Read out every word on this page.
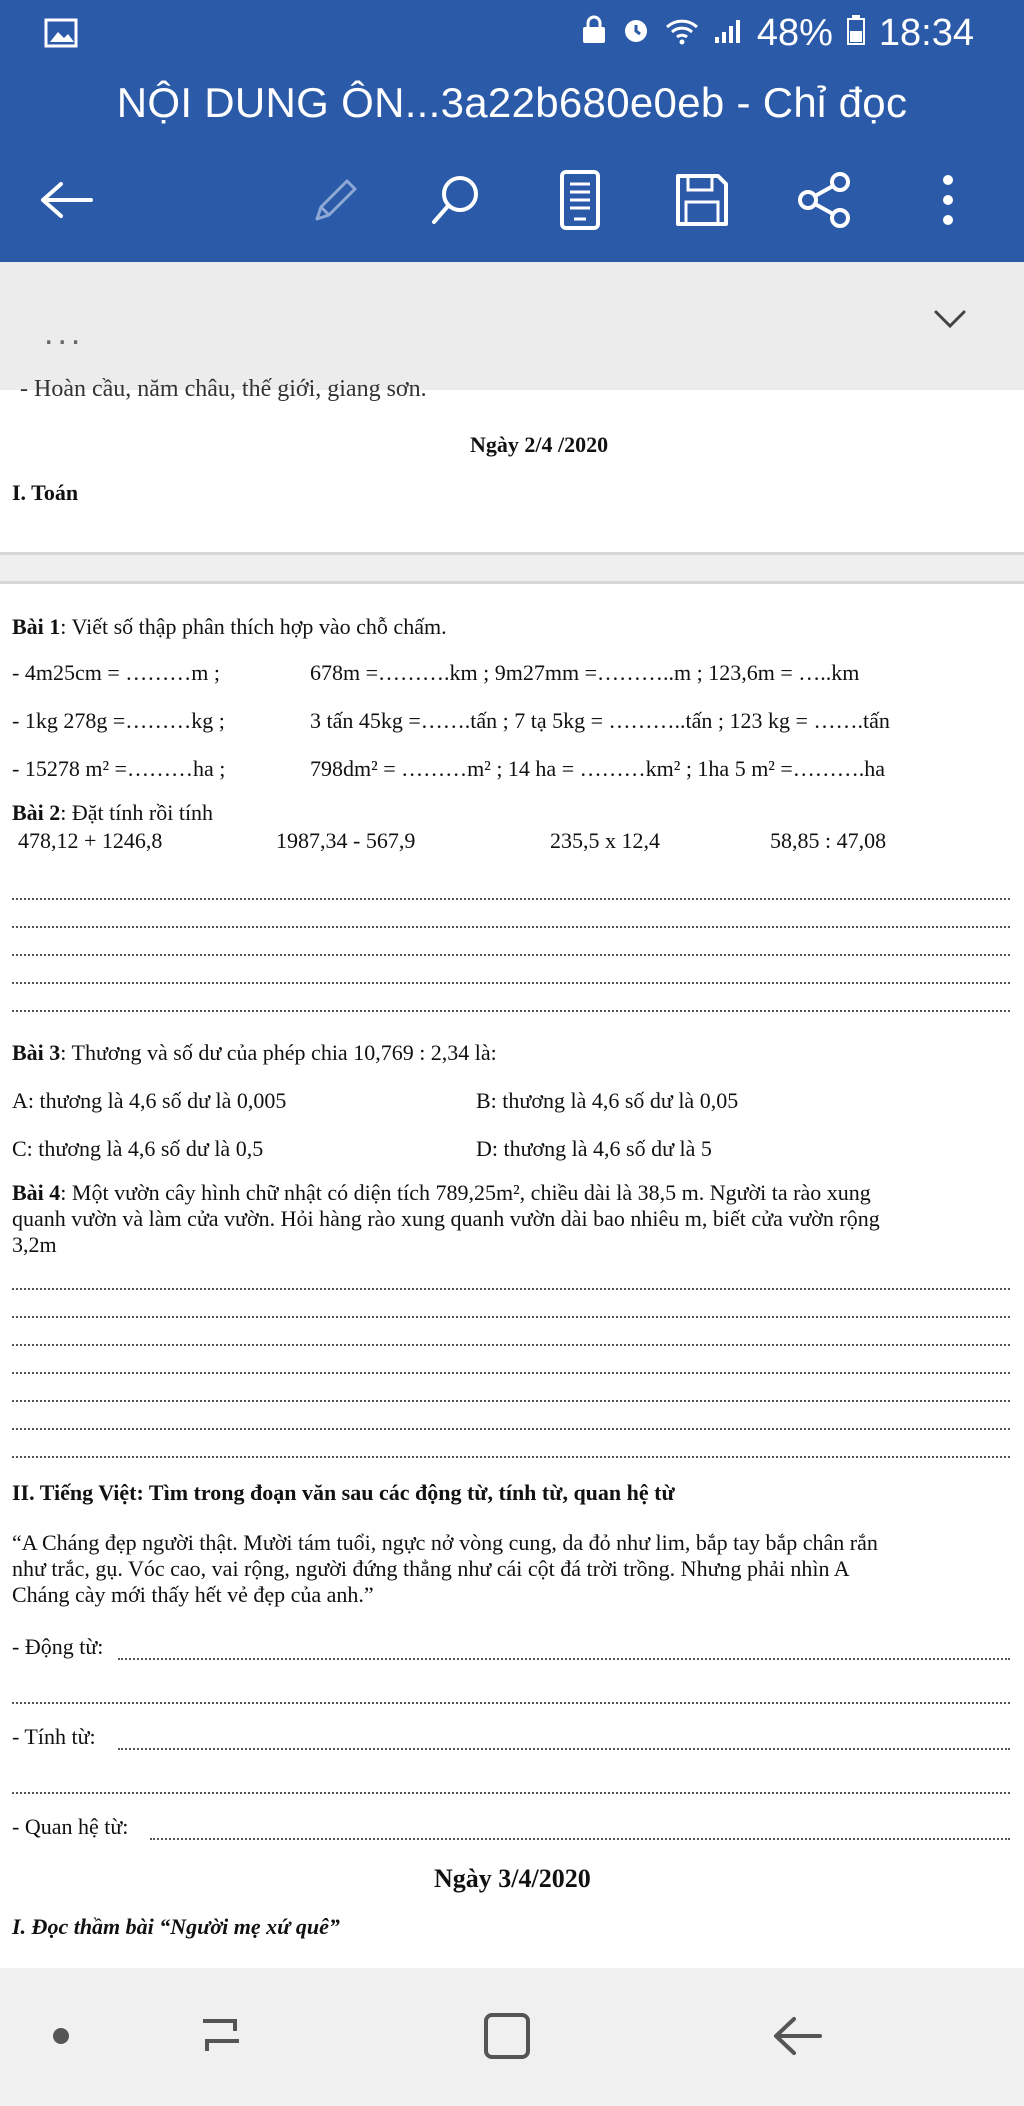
48% 18:34
NỘI DUNG ÔN...3a22b680e0eb - Chỉ đọc
...
- Hoàn cầu, năm châu, thế giới, giang sơn.
Ngày 2/4 /2020
I. Toán
Bài 1: Viết số thập phân thích hợp vào chỗ chấm.
- 4m25cm = ………m ;	678m =……….km ; 9m27mm =………..m ; 123,6m = …..km
- 1kg 278g =………kg ;	3 tấn 45kg =…….tấn ; 7 tạ 5kg = ………..tấn ; 123 kg = …….tấn
- 15278 m² =………ha ;	798dm² = ………m² ; 14 ha = ………km² ; 1ha 5 m² =……….ha
Bài 2: Đặt tính rồi tính
478,12 + 1246,8	1987,34 - 567,9	235,5 x 12,4	58,85 : 47,08
Bài 3: Thương và số dư của phép chia 10,769 : 2,34 là:
A: thương là 4,6 số dư là 0,005	B: thương là 4,6 số dư là 0,05
C: thương là 4,6 số dư là 0,5	D: thương là 4,6 số dư là 5
Bài 4: Một vườn cây hình chữ nhật có diện tích 789,25m², chiều dài là 38,5 m. Người ta rào xung
quanh vườn và làm cửa vườn. Hỏi hàng rào xung quanh vườn dài bao nhiêu m, biết cửa vườn rộng
3,2m
II. Tiếng Việt: Tìm trong đoạn văn sau các động từ, tính từ, quan hệ từ
“A Cháng đẹp người thật. Mười tám tuổi, ngực nở vòng cung, da đỏ như lim, bắp tay bắp chân rắn
như trắc, gụ. Vóc cao, vai rộng, người đứng thẳng như cái cột đá trời trồng. Nhưng phải nhìn A
Cháng cày mới thấy hết vẻ đẹp của anh.”
- Động từ:
- Tính từ:
- Quan hệ từ:
Ngày 3/4/2020
I. Đọc thầm bài “Người mẹ xứ quê”
